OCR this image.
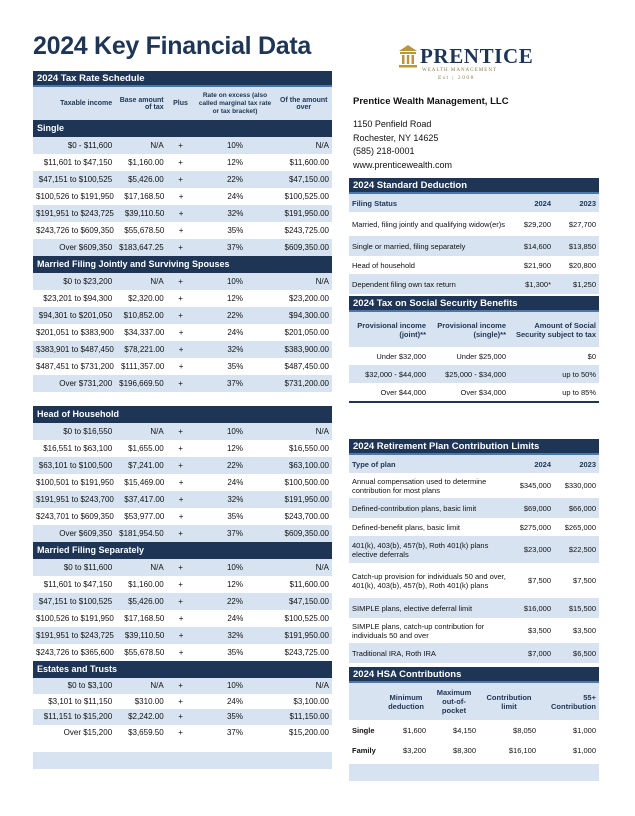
2024 Key Financial Data	PRENTICE
WEALTH MANAGEMENT
Est | 2008
2024 Tax Rate Schedule
Taxable income	Base amount of tax	Plus
Rate on excess (also called marginal tax rate or tax bracket)
Of the amount over
Single
$0 - $11,600	N/A	+	10%	N/A
$11,601 to $47,150	$1,160.00	+	12%	$11,600.00
$47,151 to $100,525	$5,426.00	+	22%	$47,150.00
$100,526 to $191,950	$17,168.50	+	24%	$100,525.00
$191,951 to $243,725	$39,110.50	+	32%	$191,950.00
$243,726 to $609,350	$55,678.50	+	35%	$243,725.00
Over $609,350 $183,647.25	+	37%	$609,350.00
Married Filing Jointly and Surviving Spouses
$0 to $23,200	N/A	+	10%	N/A
$23,201 to $94,300	$2,320.00	+	12%	$23,200.00
$94,301 to $201,050	$10,852.00	+	22%	$94,300.00
$201,051 to $383,900	$34,337.00	+	24%	$201,050.00
$383,901 to $487,450	$78,221.00	+	32%	$383,900.00
$487,451 to $731,200 $111,357.00	+	35%	$487,450.00
Over $731,200 $196,669.50	+	37%	$731,200.00
Head of Household
$0 to $16,550	N/A	+	10%	N/A
$16,551 to $63,100	$1,655.00	+	12%	$16,550.00
$63,101 to $100,500	$7,241.00	+	22%	$63,100.00
$100,501 to $191,950	$15,469.00	+	24%	$100,500.00
$191,951 to $243,700	$37,417.00	+	32%	$191,950.00
$243,701 to $609,350	$53,977.00	+	35%	$243,700.00
Over $609,350 $181,954.50	+	37%	$609,350.00
Married Filing Separately
$0 to $11,600	N/A	+	10%	N/A
$11,601 to $47,150	$1,160.00	+	12%	$11,600.00
$47,151 to $100,525	$5,426.00	+	22%	$47,150.00
$100,526 to $191,950	$17,168.50	+	24%	$100,525.00
$191,951 to $243,725	$39,110.50	+	32%	$191,950.00
$243,726 to $365,600	$55,678.50	+	35%	$243,725.00
Estates and Trusts
$0 to $3,100	N/A	+	10%	N/A
$3,101 to $11,150	$310.00	+	24%	$3,100.00
$11,151 to $15,200	$2,242.00	+	35%	$11,150.00
Over $15,200	$3,659.50	+	37%	$15,200.00
Prentice Wealth Management, LLC
1150 Penfield Road
Rochester, NY 14625
(585) 218-0001
www.prenticewealth.com
2024 Standard Deduction
Filing Status	2024	2023
Married, filing jointly and qualifying widow(er)s	$29,200	$27,700
Single or married, filing separately	$14,600	$13,850
Head of household	$21,900	$20,800
Dependent filing own tax return	$1,300*	$1,250
2024 Tax on Social Security Benefits
Provisional income (joint)**
Provisional income (single)**
Amount of Social Security subject to tax
Under $32,000	Under $25,000	$0
$32,000 - $44,000	$25,000 - $34,000	up to 50%
Over $44,000	Over $34,000	up to 85%
2024 Retirement Plan Contribution Limits
Type of plan	2024	2023
Annual compensation used to determine contribution for most plans	$345,000	$330,000
Defined-contribution plans, basic limit	$69,000	$66,000
Defined-benefit plans, basic limit	$275,000	$265,000
401(k), 403(b), 457(b), Roth 401(k) plans elective deferrals	$23,000	$22,500
Catch-up provision for individuals 50 and over, 401(k), 403(b), 457(b), Roth 401(k) plans	$7,500	$7,500
SIMPLE plans, elective deferral limit	$16,000	$15,500
SIMPLE plans, catch-up contribution for individuals 50 and over	$3,500	$3,500
Traditional IRA, Roth IRA	$7,000	$6,500
2024 HSA Contributions
Minimum deduction
Maximum out-of-pocket
Contribution limit
55+ Contribution
Single	$1,600	$4,150	$8,050	$1,000
Family	$3,200	$8,300	$16,100	$1,000
